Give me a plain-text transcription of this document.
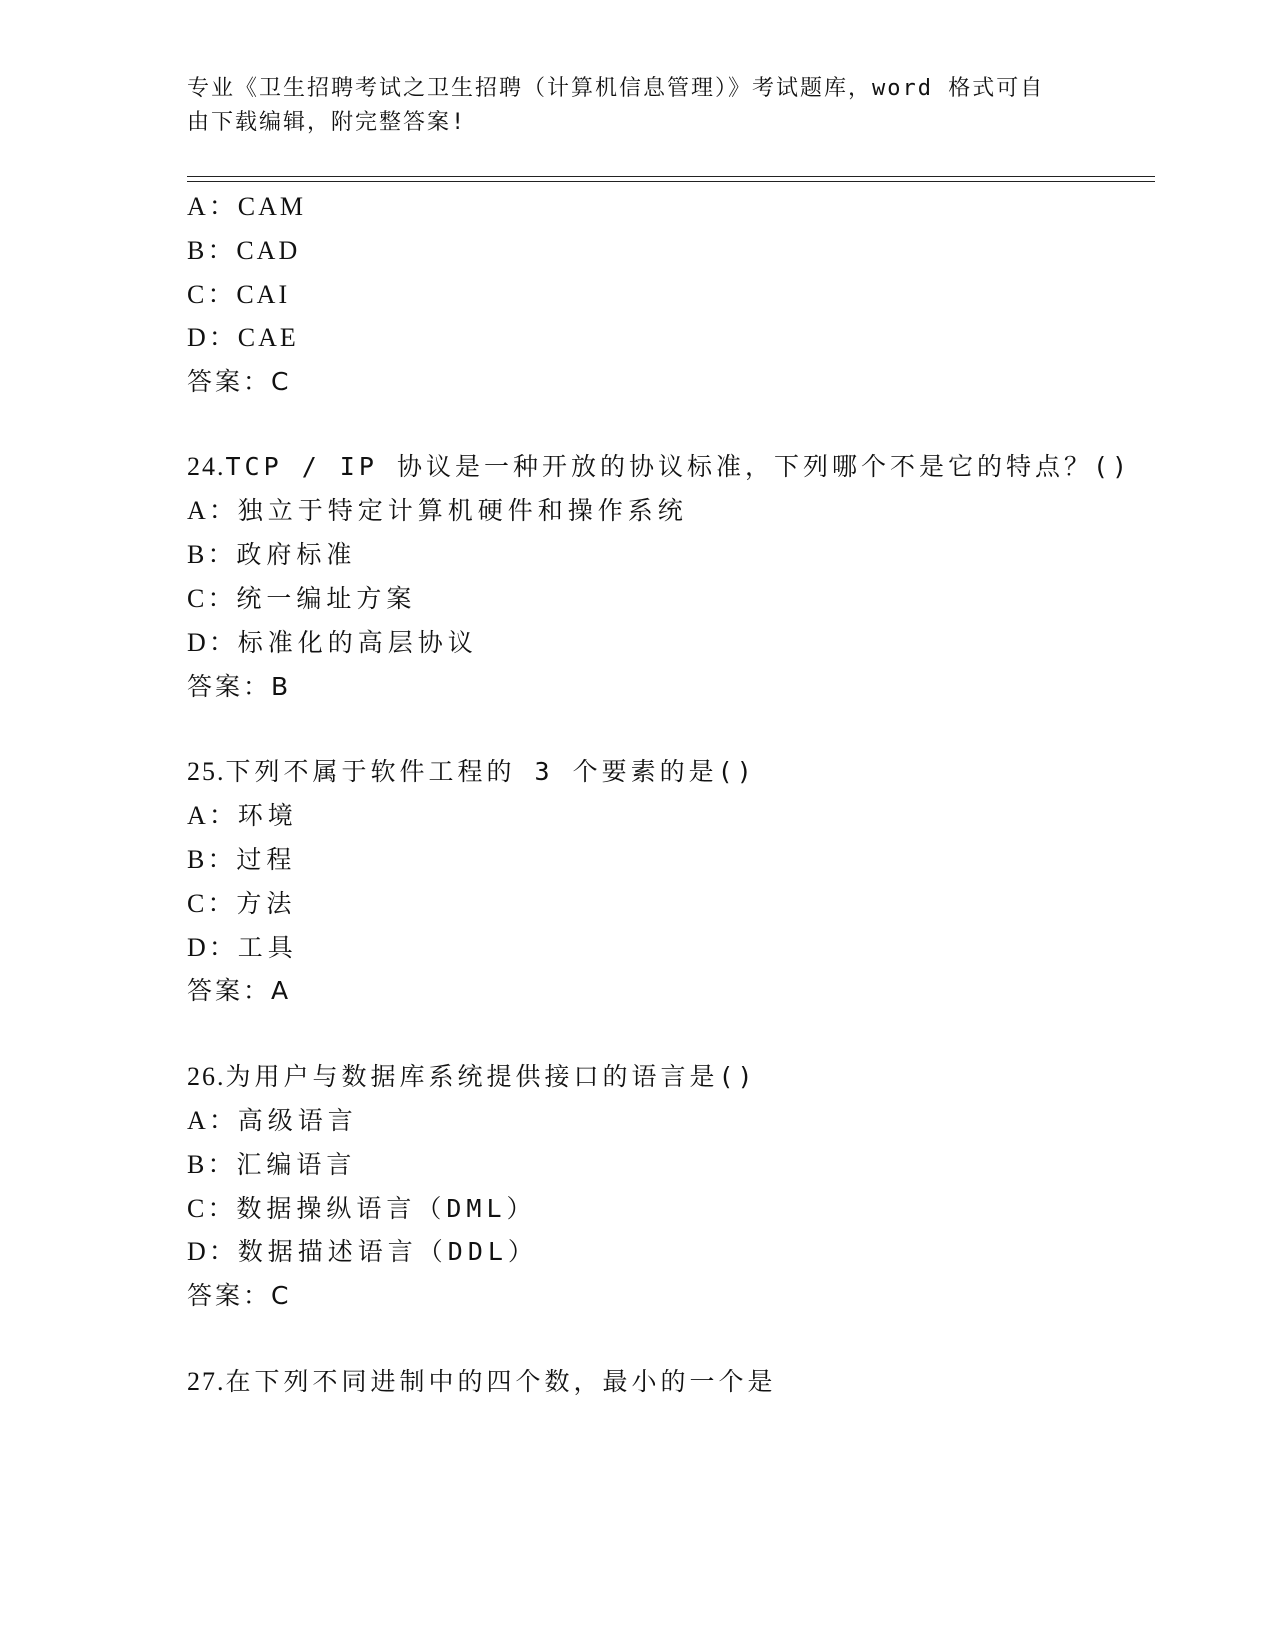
专业《卫生招聘考试之卫生招聘（计算机信息管理）》考试题库，word 格式可自
由下载编辑，附完整答案!
A：CAM
B：CAD
C：CAI
D：CAE
答案：C
24.TCP / IP 协议是一种开放的协议标准，下列哪个不是它的特点？()
A：独立于特定计算机硬件和操作系统
B：政府标准
C：统一编址方案
D：标准化的高层协议
答案：B
25.下列不属于软件工程的 3 个要素的是()
A：环境
B：过程
C：方法
D：工具
答案：A
26.为用户与数据库系统提供接口的语言是()
A：高级语言
B：汇编语言
C：数据操纵语言（DML）
D：数据描述语言（DDL）
答案：C
27.在下列不同进制中的四个数，最小的一个是
